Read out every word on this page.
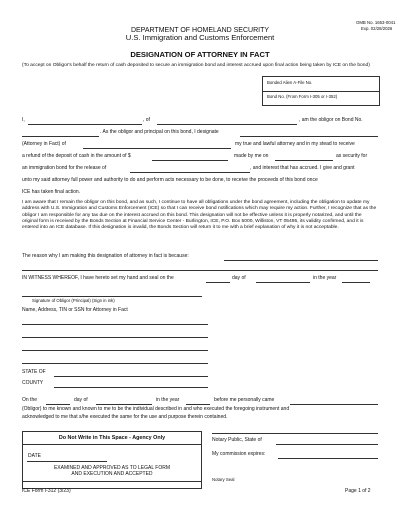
OMB No. 1653-0041
Exp. 02/28/2026
DEPARTMENT OF HOMELAND SECURITY
U.S. Immigration and Customs Enforcement
DESIGNATION OF ATTORNEY IN FACT
(To accept on Obligor's behalf the return of cash deposited to secure an immigration bond and interest accrued upon final action being taken by ICE on the bond)
Bonded Alien A-File No.
Bond No. (From Form I-305 or I-352)
I,	, of	, am the obligor on Bond No.
. As the obligor and principal on this bond, I designate
(Attorney in Fact) of	my true and lawful attorney and in my stead to receive
a refund of the deposit of cash in the amount of $	made by me on	as security for
an immigration bond for the release of	, and interest that has accrued. I give and grant
unto my said attorney full power and authority to do and perform acts necessary to be done, to receive the proceeds of this bond once
ICE has taken final action.
I am aware that I remain the obligor on this bond, and as such, I continue to have all obligations under the bond agreement, including the obligation to update my address with U.S. Immigration and Customs Enforcement (ICE) so that I can receive bond notifications which may require my action. Further, I recognize that as the obligor I am responsible for any tax due on the interest accrued on this bond. This designation will not be effective unless it is properly notarized, and until the original form is received by the Bonds Section at Financial Service Center - Burlington, ICE, P.O. Box 5000, Williston, VT 05495, its validity confirmed, and it is entered into an ICE database. If this designation is invalid, the Bonds Section will return it to me with a brief explanation of why it is not acceptable.
The reason why I am making this designation of attorney in fact is because:
IN WITNESS WHEREOF, I have hereto set my hand and seal on the	day of	in the year
Signature of Obligor (Principal) (Sign in ink)
Name, Address, TIN or SSN for Attorney in Fact
STATE OF
COUNTY
On the	day of	in the year	before me personally came
(Obligor) to me known and known to me to be the individual described in and who executed the foregoing instrument and
acknowledged to me that s/he executed the same for the use and purpose therein contained.
Do Not Write in This Space - Agency Only
DATE
EXAMINED AND APPROVED AS TO LEGAL FORM
AND EXECUTION AND ACCEPTED
Notary Public, State of
My commission expires:
Notary Seal
ICE Form I-312 (3/23)	Page 1 of 2
